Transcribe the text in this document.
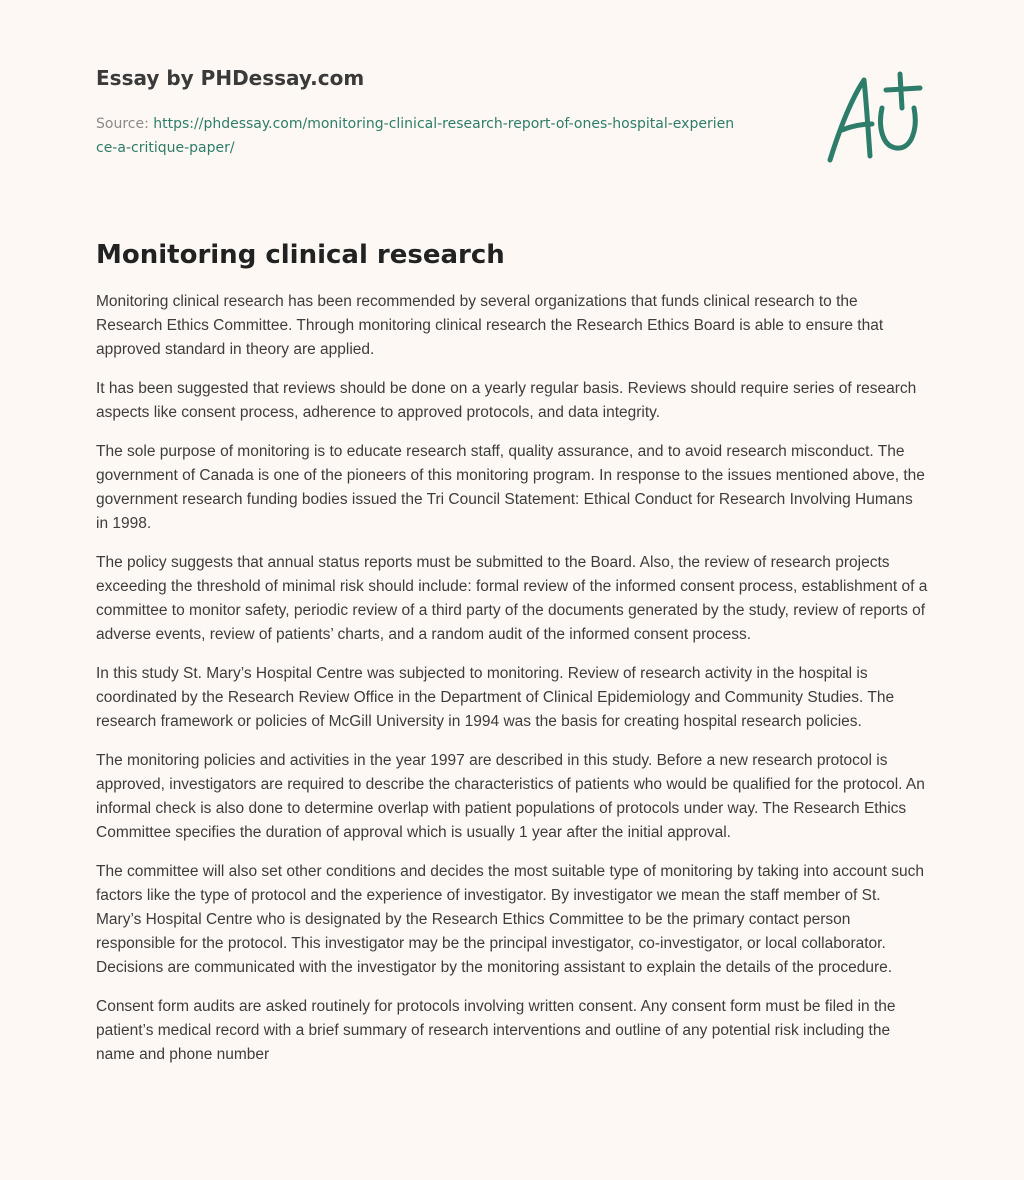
Essay by PHDessay.com
Source: https://phdessay.com/monitoring-clinical-research-report-of-ones-hospital-experience-a-critique-paper/
Monitoring clinical research

Monitoring clinical research has been recommended by several organizations that funds clinical research to the Research Ethics Committee. Through monitoring clinical research the Research Ethics Board is able to ensure that approved standard in theory are applied.

It has been suggested that reviews should be done on a yearly regular basis. Reviews should require series of research aspects like consent process, adherence to approved protocols, and data integrity.

The sole purpose of monitoring is to educate research staff, quality assurance, and to avoid research misconduct. The government of Canada is one of the pioneers of this monitoring program. In response to the issues mentioned above, the government research funding bodies issued the Tri Council Statement: Ethical Conduct for Research Involving Humans in 1998.

The policy suggests that annual status reports must be submitted to the Board. Also, the review of research projects exceeding the threshold of minimal risk should include: formal review of the informed consent process, establishment of a committee to monitor safety, periodic review of a third party of the documents generated by the study, review of reports of adverse events, review of patients’ charts, and a random audit of the informed consent process.

In this study St. Mary’s Hospital Centre was subjected to monitoring. Review of research activity in the hospital is coordinated by the Research Review Office in the Department of Clinical Epidemiology and Community Studies. The research framework or policies of McGill University in 1994 was the basis for creating hospital research policies.

The monitoring policies and activities in the year 1997 are described in this study. Before a new research protocol is approved, investigators are required to describe the characteristics of patients who would be qualified for the protocol. An informal check is also done to determine overlap with patient populations of protocols under way. The Research Ethics Committee specifies the duration of approval which is usually 1 year after the initial approval.

The committee will also set other conditions and decides the most suitable type of monitoring by taking into account such factors like the type of protocol and the experience of investigator. By investigator we mean the staff member of St. Mary’s Hospital Centre who is designated by the Research Ethics Committee to be the primary contact person responsible for the protocol. This investigator may be the principal investigator, co-investigator, or local collaborator. Decisions are communicated with the investigator by the monitoring assistant to explain the details of the procedure.

Consent form audits are asked routinely for protocols involving written consent. Any consent form must be filed in the patient’s medical record with a brief summary of research interventions and outline of any potential risk including the name and phone number
